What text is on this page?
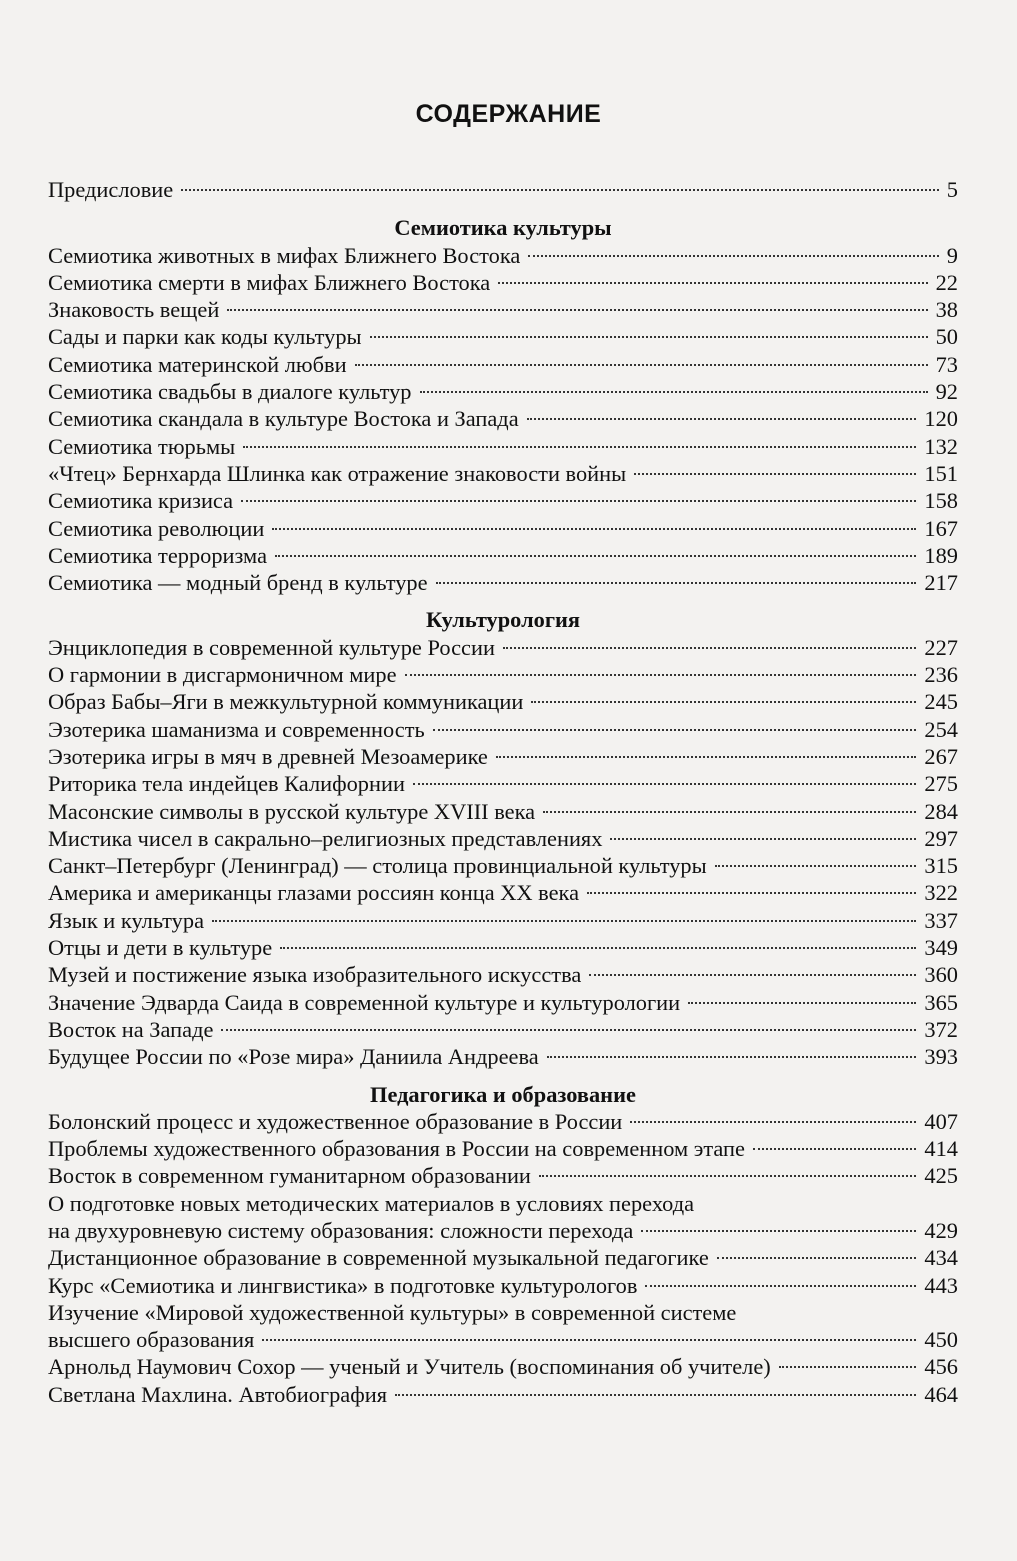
СОДЕРЖАНИЕ
Предисловие	5
Семиотика культуры
Семиотика животных в мифах Ближнего Востока	9
Семиотика смерти в мифах Ближнего Востока	22
Знаковость вещей	38
Сады и парки как коды культуры	50
Семиотика материнской любви	73
Семиотика свадьбы в диалоге культур	92
Семиотика скандала в культуре Востока и Запада	120
Семиотика тюрьмы	132
«Чтец» Бернхарда Шлинка как отражение знаковости войны	151
Семиотика кризиса	158
Семиотика революции	167
Семиотика терроризма	189
Семиотика — модный бренд в культуре	217
Культурология
Энциклопедия в современной культуре России	227
О гармонии в дисгармоничном мире	236
Образ Бабы–Яги в межкультурной коммуникации	245
Эзотерика шаманизма и современность	254
Эзотерика игры в мяч в древней Мезоамерике	267
Риторика тела индейцев Калифорнии	275
Масонские символы в русской культуре XVIII века	284
Мистика чисел в сакрально–религиозных представлениях	297
Санкт–Петербург (Ленинград) — столица провинциальной культуры	315
Америка и американцы глазами россиян конца XX века	322
Язык и культура	337
Отцы и дети в культуре	349
Музей и постижение языка изобразительного искусства	360
Значение Эдварда Саида в современной культуре и культурологии	365
Восток на Западе	372
Будущее России по «Розе мира» Даниила Андреева	393
Педагогика и образование
Болонский процесс и художественное образование в России	407
Проблемы художественного образования в России на современном этапе	414
Восток в современном гуманитарном образовании	425
О подготовке новых методических материалов в условиях перехода
на двухуровневую систему образования: сложности перехода	429
Дистанционное образование в современной музыкальной педагогике	434
Курс «Семиотика и лингвистика» в подготовке культурологов	443
Изучение «Мировой художественной культуры» в современной системе
высшего образования	450
Арнольд Наумович Сохор — ученый и Учитель (воспоминания об учителе)	456
Светлана Махлина. Автобиография	464
